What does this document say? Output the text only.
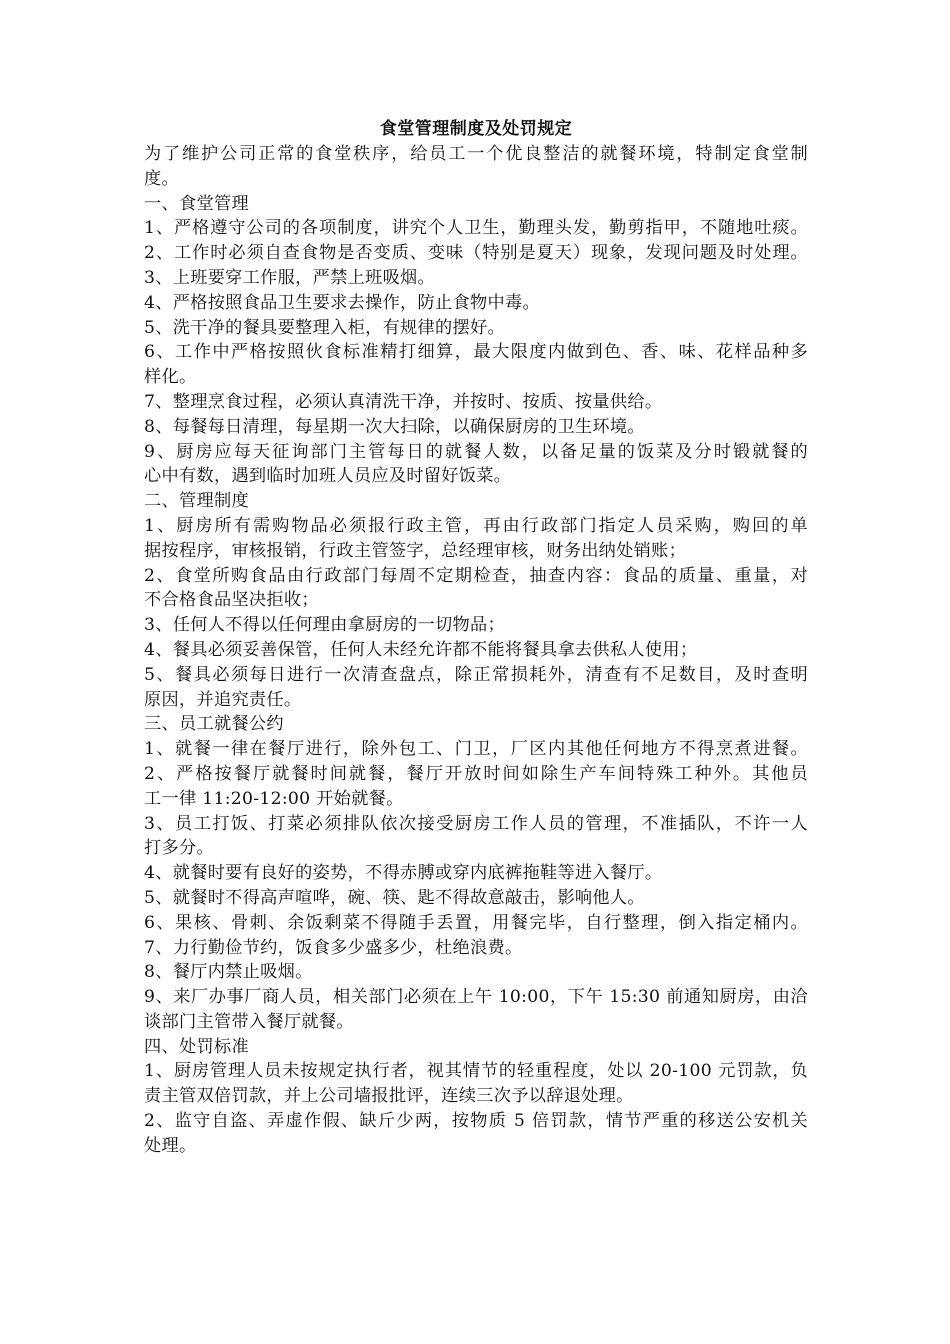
食堂管理制度及处罚规定
为了维护公司正常的食堂秩序，给员工一个优良整洁的就餐环境，特制定食堂制
度。
一、食堂管理
1、严格遵守公司的各项制度，讲究个人卫生，勤理头发，勤剪指甲，不随地吐痰。
2、工作时必须自查食物是否变质、变味（特别是夏天）现象，发现问题及时处理。
3、上班要穿工作服，严禁上班吸烟。
4、严格按照食品卫生要求去操作，防止食物中毒。
5、洗干净的餐具要整理入柜，有规律的摆好。
6、工作中严格按照伙食标准精打细算，最大限度内做到色、香、味、花样品种多
样化。
7、整理烹食过程，必须认真清洗干净，并按时、按质、按量供给。
8、每餐每日清理，每星期一次大扫除，以确保厨房的卫生环境。
9、厨房应每天征询部门主管每日的就餐人数，以备足量的饭菜及分时锻就餐的
心中有数，遇到临时加班人员应及时留好饭菜。
二、管理制度
1、厨房所有需购物品必须报行政主管，再由行政部门指定人员采购，购回的单
据按程序，审核报销，行政主管签字，总经理审核，财务出纳处销账；
2、食堂所购食品由行政部门每周不定期检查，抽查内容：食品的质量、重量，对
不合格食品坚决拒收；
3、任何人不得以任何理由拿厨房的一切物品；
4、餐具必须妥善保管，任何人未经允许都不能将餐具拿去供私人使用；
5、餐具必须每日进行一次清查盘点，除正常损耗外，清查有不足数目，及时查明
原因，并追究责任。
三、员工就餐公约
1、就餐一律在餐厅进行，除外包工、门卫，厂区内其他任何地方不得烹煮进餐。
2、严格按餐厅就餐时间就餐，餐厅开放时间如除生产车间特殊工种外。其他员
工一律 11:20-12:00 开始就餐。
3、员工打饭、打菜必须排队依次接受厨房工作人员的管理，不准插队，不许一人
打多分。
4、就餐时要有良好的姿势，不得赤膊或穿内底裤拖鞋等进入餐厅。
5、就餐时不得高声喧哗，碗、筷、匙不得故意敲击，影响他人。
6、果核、骨刺、余饭剩菜不得随手丢置，用餐完毕，自行整理，倒入指定桶内。
7、力行勤俭节约，饭食多少盛多少，杜绝浪费。
8、餐厅内禁止吸烟。
9、来厂办事厂商人员，相关部门必须在上午 10:00，下午 15:30 前通知厨房，由洽
谈部门主管带入餐厅就餐。
四、处罚标准
1、厨房管理人员未按规定执行者，视其情节的轻重程度，处以 20-100 元罚款，负
责主管双倍罚款，并上公司墙报批评，连续三次予以辞退处理。
2、监守自盗、弄虚作假、缺斤少两，按物质 5 倍罚款，情节严重的移送公安机关
处理。
